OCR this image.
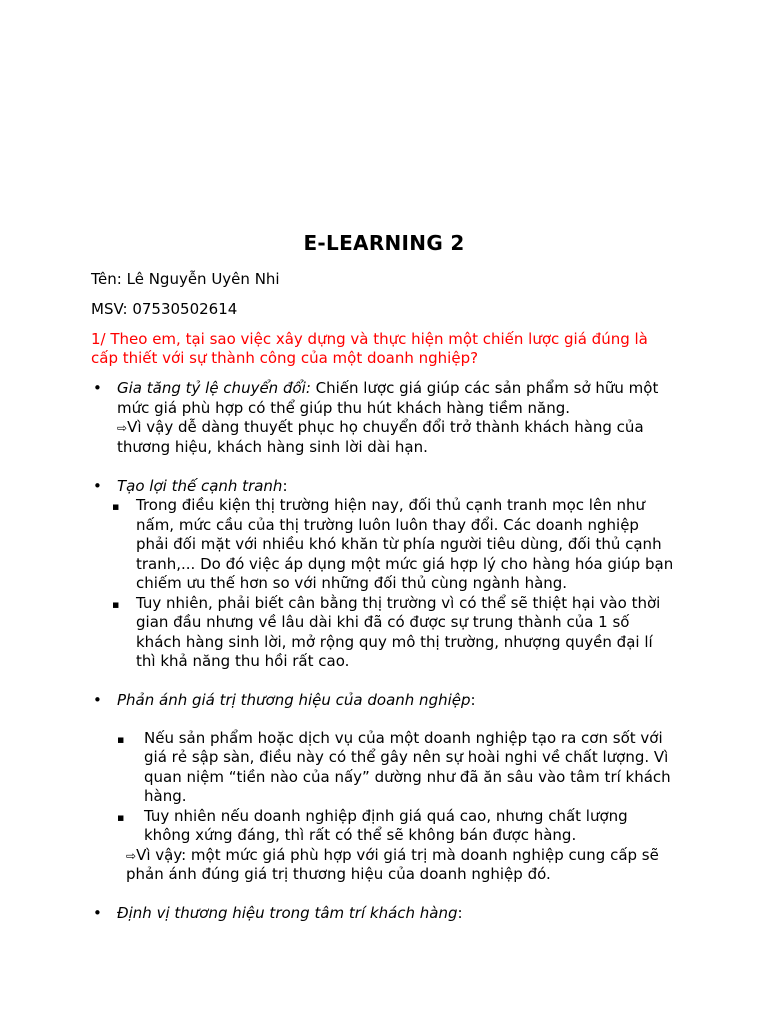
E-LEARNING 2
Tên: Lê Nguyễn Uyên Nhi
MSV: 07530502614
1/ Theo em, tại sao việc xây dựng và thực hiện một chiến lược giá đúng là
cấp thiết với sự thành công của một doanh nghiệp?
• Gia tăng tỷ lệ chuyển đổi: Chiến lược giá giúp các sản phẩm sở hữu một
mức giá phù hợp có thể giúp thu hút khách hàng tiềm năng.
⇨Vì vậy dễ dàng thuyết phục họ chuyển đổi trở thành khách hàng của
thương hiệu, khách hàng sinh lời dài hạn.
• Tạo lợi thế cạnh tranh:
▪ Trong điều kiện thị trường hiện nay, đối thủ cạnh tranh mọc lên như
nấm, mức cầu của thị trường luôn luôn thay đổi. Các doanh nghiệp
phải đối mặt với nhiều khó khăn từ phía người tiêu dùng, đối thủ cạnh
tranh,... Do đó việc áp dụng một mức giá hợp lý cho hàng hóa giúp bạn
chiếm ưu thế hơn so với những đối thủ cùng ngành hàng.
▪ Tuy nhiên, phải biết cân bằng thị trường vì có thể sẽ thiệt hại vào thời
gian đầu nhưng về lâu dài khi đã có được sự trung thành của 1 số
khách hàng sinh lời, mở rộng quy mô thị trường, nhượng quyền đại lí
thì khả năng thu hồi rất cao.
• Phản ánh giá trị thương hiệu của doanh nghiệp:
▪ Nếu sản phẩm hoặc dịch vụ của một doanh nghiệp tạo ra cơn sốt với
giá rẻ sập sàn, điều này có thể gây nên sự hoài nghi về chất lượng. Vì
quan niệm “tiền nào của nấy” dường như đã ăn sâu vào tâm trí khách
hàng.
▪ Tuy nhiên nếu doanh nghiệp định giá quá cao, nhưng chất lượng
không xứng đáng, thì rất có thể sẽ không bán được hàng.
⇨Vì vậy: một mức giá phù hợp với giá trị mà doanh nghiệp cung cấp sẽ
phản ánh đúng giá trị thương hiệu của doanh nghiệp đó.
• Định vị thương hiệu trong tâm trí khách hàng:
